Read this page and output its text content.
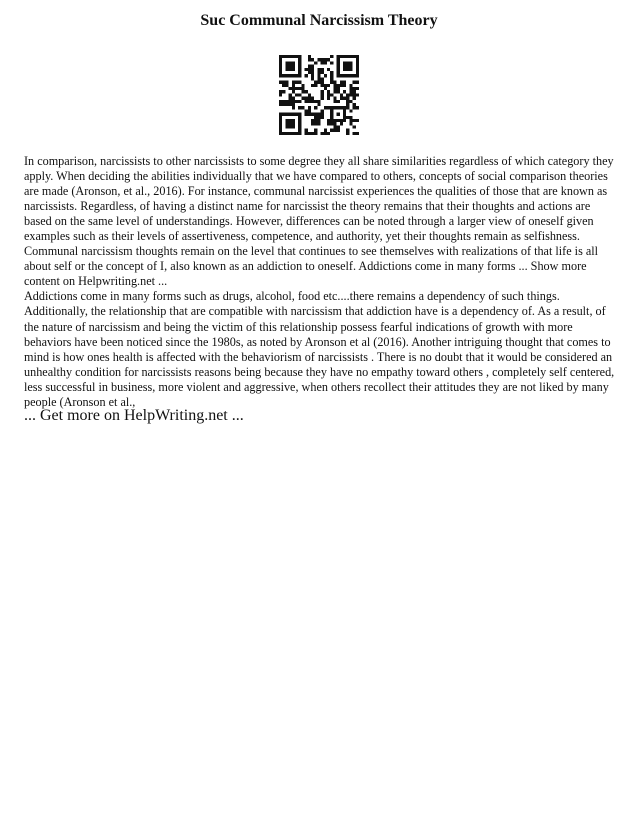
Suc Communal Narcissism Theory

In comparison, narcissists to other narcissists to some degree they all share similarities regardless of which category they apply. When deciding the abilities individually that we have compared to others, concepts of social comparison theories are made (Aronson, et al., 2016). For instance, communal narcissist experiences the qualities of those that are known as narcissists. Regardless, of having a distinct name for narcissist the theory remains that their thoughts and actions are based on the same level of understandings. However, differences can be noted through a larger view of oneself given examples such as their levels of assertiveness, competence, and authority, yet their thoughts remain as selfishness. Communal narcissism thoughts remain on the level that continues to see themselves with realizations of that life is all about self or the concept of I, also known as an addiction to oneself. Addictions come in many forms ... Show more content on Helpwriting.net ...

Addictions come in many forms such as drugs, alcohol, food etc....there remains a dependency of such things. Additionally, the relationship that are compatible with narcissism that addiction have is a dependency of. As a result, of the nature of narcissism and being the victim of this relationship possess fearful indications of growth with more behaviors have been noticed since the 1980s, as noted by Aronson et al (2016). Another intriguing thought that comes to mind is how ones health is affected with the behaviorism of narcissists . There is no doubt that it would be considered an unhealthy condition for narcissists reasons being because they have no empathy toward others , completely self centered, less successful in business, more violent and aggressive, when others recollect their attitudes they are not liked by many people (Aronson et al.,

... Get more on HelpWriting.net ...
